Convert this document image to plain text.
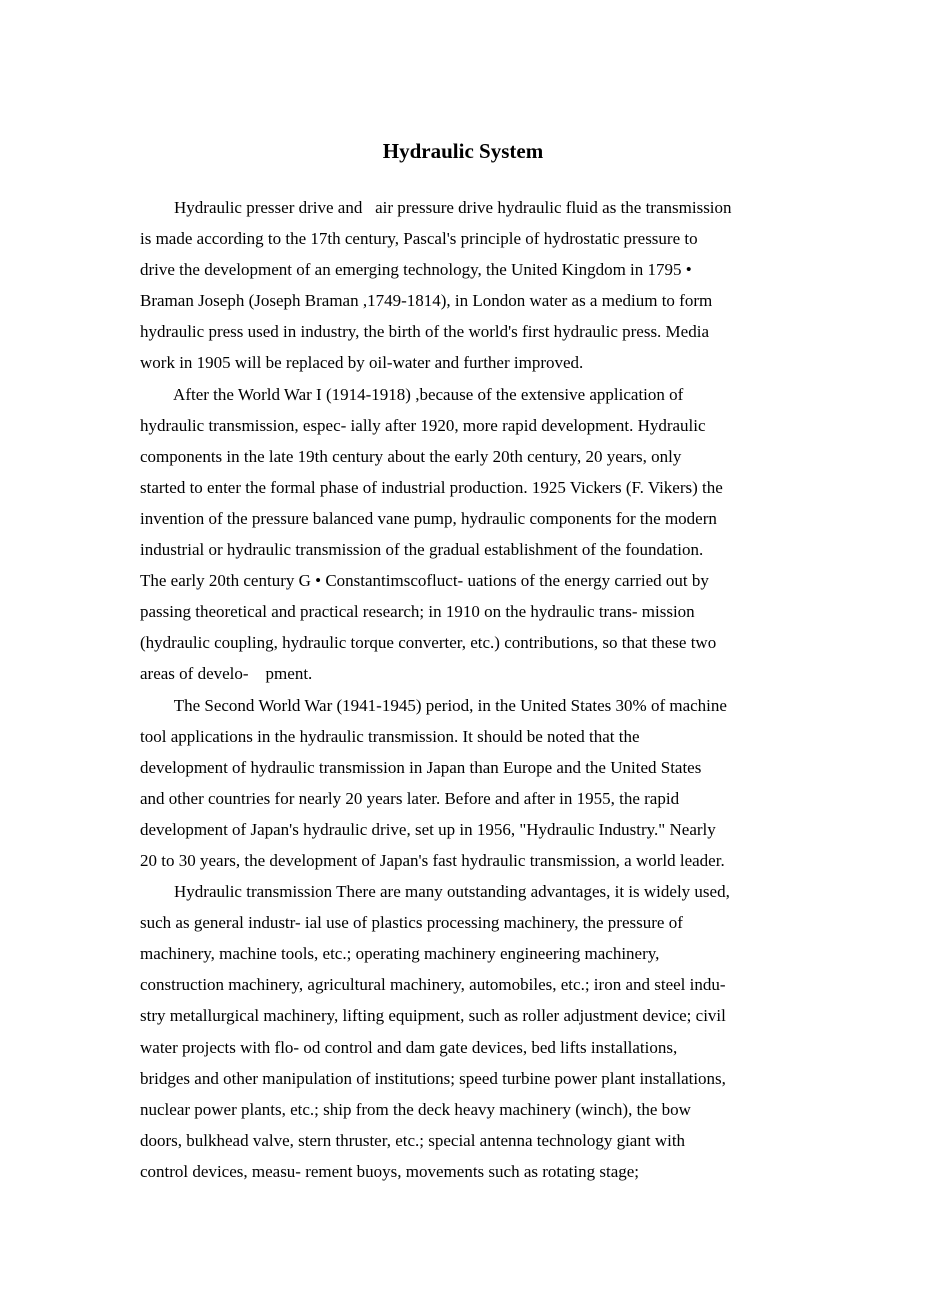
Hydraulic System
Hydraulic presser drive and   air pressure drive hydraulic fluid as the transmission
is made according to the 17th century, Pascal's principle of hydrostatic pressure to
drive the development of an emerging technology, the United Kingdom in 1795 •
Braman Joseph (Joseph Braman ,1749-1814), in London water as a medium to form
hydraulic press used in industry, the birth of the world's first hydraulic press. Media
work in 1905 will be replaced by oil-water and further improved.
After the World War I (1914-1918) ,because of the extensive application of
hydraulic transmission, espec- ially after 1920, more rapid development. Hydraulic
components in the late 19th century about the early 20th century, 20 years, only
started to enter the formal phase of industrial production. 1925 Vickers (F. Vikers) the
invention of the pressure balanced vane pump, hydraulic components for the modern
industrial or hydraulic transmission of the gradual establishment of the foundation.
The early 20th century G • Constantimscofluct- uations of the energy carried out by
passing theoretical and practical research; in 1910 on the hydraulic trans- mission
(hydraulic coupling, hydraulic torque converter, etc.) contributions, so that these two
areas of develo-    pment.
The Second World War (1941-1945) period, in the United States 30% of machine
tool applications in the hydraulic transmission. It should be noted that the
development of hydraulic transmission in Japan than Europe and the United States
and other countries for nearly 20 years later. Before and after in 1955, the rapid
development of Japan's hydraulic drive, set up in 1956, "Hydraulic Industry." Nearly
20 to 30 years, the development of Japan's fast hydraulic transmission, a world leader.
Hydraulic transmission There are many outstanding advantages, it is widely used,
such as general industr- ial use of plastics processing machinery, the pressure of
machinery, machine tools, etc.; operating machinery engineering machinery,
construction machinery, agricultural machinery, automobiles, etc.; iron and steel indu-
stry metallurgical machinery, lifting equipment, such as roller adjustment device; civil
water projects with flo- od control and dam gate devices, bed lifts installations,
bridges and other manipulation of institutions; speed turbine power plant installations,
nuclear power plants, etc.; ship from the deck heavy machinery (winch), the bow
doors, bulkhead valve, stern thruster, etc.; special antenna technology giant with
control devices, measu- rement buoys, movements such as rotating stage;
